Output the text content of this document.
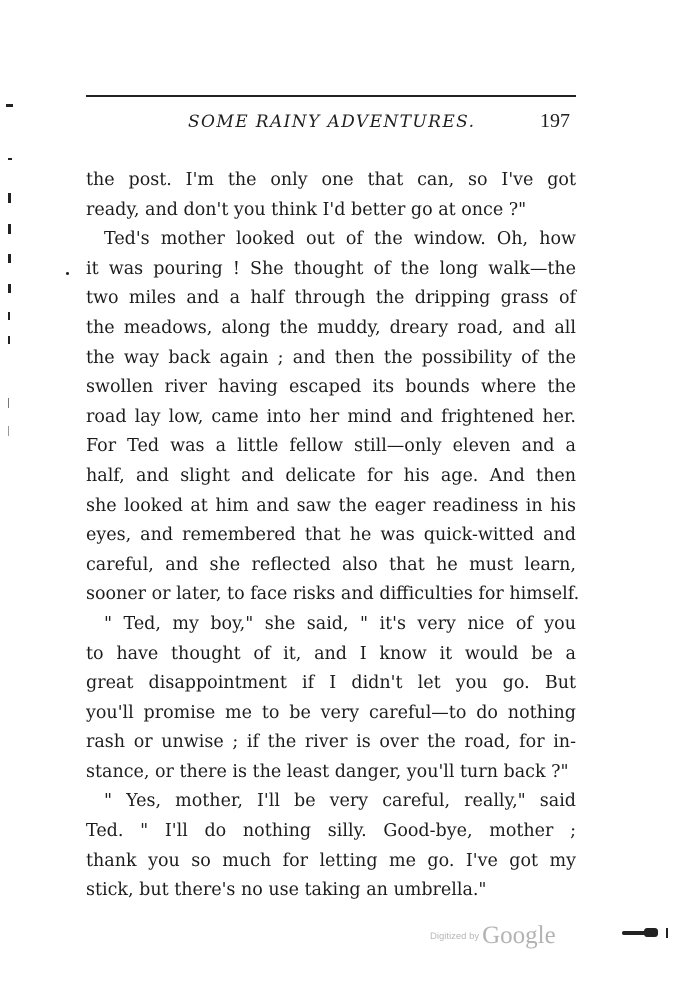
SOME RAINY ADVENTURES.	197
the post. I'm the only one that can, so I've got
ready, and don't you think I'd better go at once ?"
Ted's mother looked out of the window. Oh, how
it was pouring ! She thought of the long walk—the
two miles and a half through the dripping grass of
the meadows, along the muddy, dreary road, and all
the way back again ; and then the possibility of the
swollen river having escaped its bounds where the
road lay low, came into her mind and frightened her.
For Ted was a little fellow still—only eleven and a
half, and slight and delicate for his age. And then
she looked at him and saw the eager readiness in his
eyes, and remembered that he was quick-witted and
careful, and she reflected also that he must learn,
sooner or later, to face risks and difficulties for himself.
" Ted, my boy," she said, " it's very nice of you
to have thought of it, and I know it would be a
great disappointment if I didn't let you go. But
you'll promise me to be very careful—to do nothing
rash or unwise ; if the river is over the road, for in-
stance, or there is the least danger, you'll turn back ?"
" Yes, mother, I'll be very careful, really," said
Ted. " I'll do nothing silly. Good-bye, mother ;
thank you so much for letting me go. I've got my
stick, but there's no use taking an umbrella."
$^{Digitized by}$ Google
